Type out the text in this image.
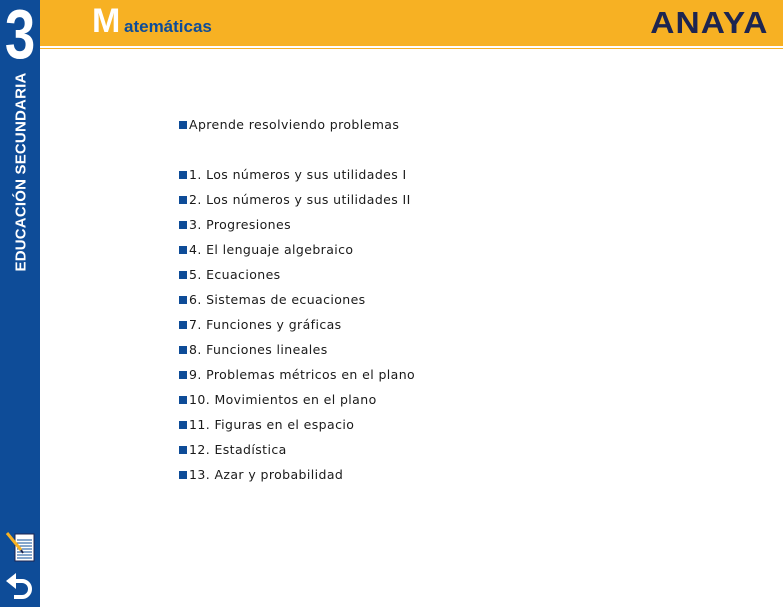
3
EDUCACIÓN SECUNDARIA
M atemáticas	ANAYA
Aprende resolviendo problemas
1. Los números y sus utilidades I
2. Los números y sus utilidades II
3. Progresiones
4. El lenguaje algebraico
5. Ecuaciones
6. Sistemas de ecuaciones
7. Funciones y gráficas
8. Funciones lineales
9. Problemas métricos en el plano
10. Movimientos en el plano
11. Figuras en el espacio
12. Estadística
13. Azar y probabilidad
